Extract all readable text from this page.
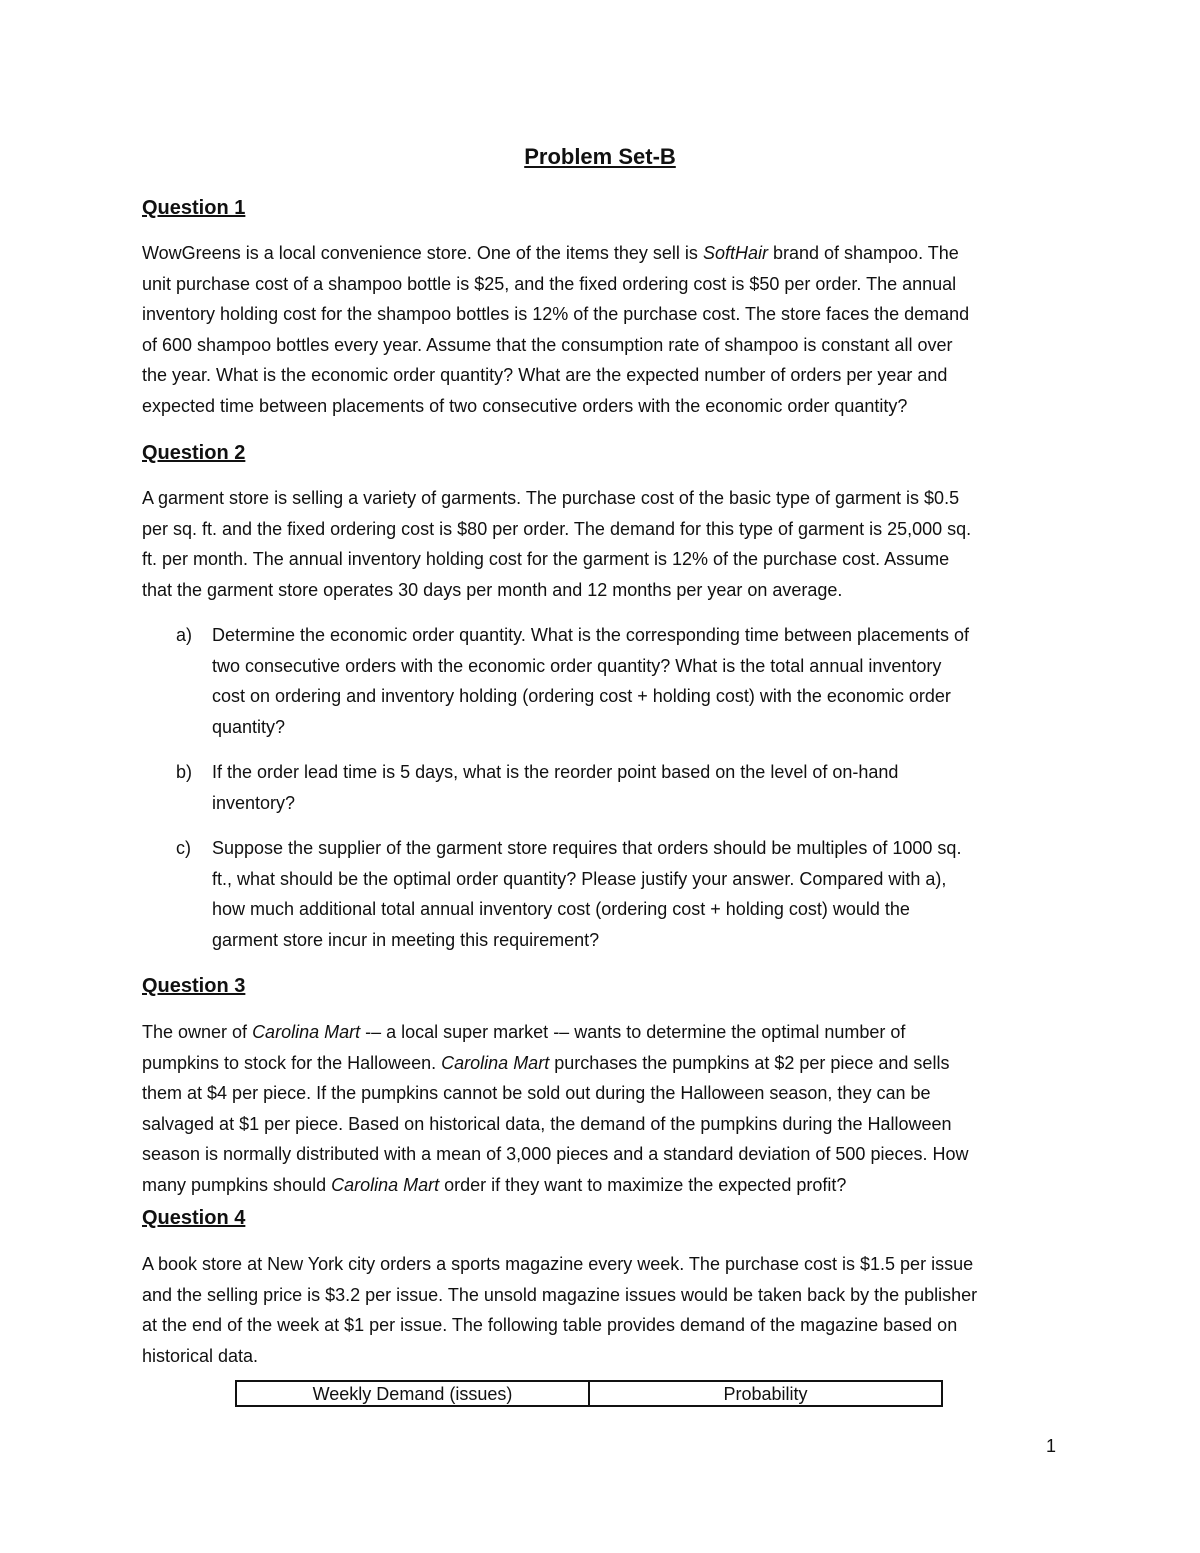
Problem Set-B
Question 1

WowGreens is a local convenience store. One of the items they sell is SoftHair brand of shampoo. The

unit purchase cost of a shampoo bottle is $25, and the fixed ordering cost is $50 per order. The annual

inventory holding cost for the shampoo bottles is 12% of the purchase cost. The store faces the demand

of 600 shampoo bottles every year. Assume that the consumption rate of shampoo is constant all over

the year. What is the economic order quantity? What are the expected number of orders per year and

expected time between placements of two consecutive orders with the economic order quantity?

Question 2

A garment store is selling a variety of garments. The purchase cost of the basic type of garment is $0.5

per sq. ft. and the fixed ordering cost is $80 per order. The demand for this type of garment is 25,000 sq.

ft. per month. The annual inventory holding cost for the garment is 12% of the purchase cost. Assume

that the garment store operates 30 days per month and 12 months per year on average.

a) Determine the economic order quantity. What is the corresponding time between placements of

two consecutive orders with the economic order quantity? What is the total annual inventory

cost on ordering and inventory holding (ordering cost + holding cost) with the economic order

quantity?

b) If the order lead time is 5 days, what is the reorder point based on the level of on-hand

inventory?

c) Suppose the supplier of the garment store requires that orders should be multiples of 1000 sq.

ft., what should be the optimal order quantity? Please justify your answer. Compared with a),

how much additional total annual inventory cost (ordering cost + holding cost) would the

garment store incur in meeting this requirement?

Question 3

The owner of Carolina Mart -– a local super market -– wants to determine the optimal number of

pumpkins to stock for the Halloween. Carolina Mart purchases the pumpkins at $2 per piece and sells

them at $4 per piece. If the pumpkins cannot be sold out during the Halloween season, they can be

salvaged at $1 per piece. Based on historical data, the demand of the pumpkins during the Halloween

season is normally distributed with a mean of 3,000 pieces and a standard deviation of 500 pieces. How

many pumpkins should Carolina Mart order if they want to maximize the expected profit?

Question 4

A book store at New York city orders a sports magazine every week. The purchase cost is $1.5 per issue

and the selling price is $3.2 per issue. The unsold magazine issues would be taken back by the publisher

at the end of the week at $1 per issue. The following table provides demand of the magazine based on

historical data.

Weekly Demand (issues)	Probability
1
